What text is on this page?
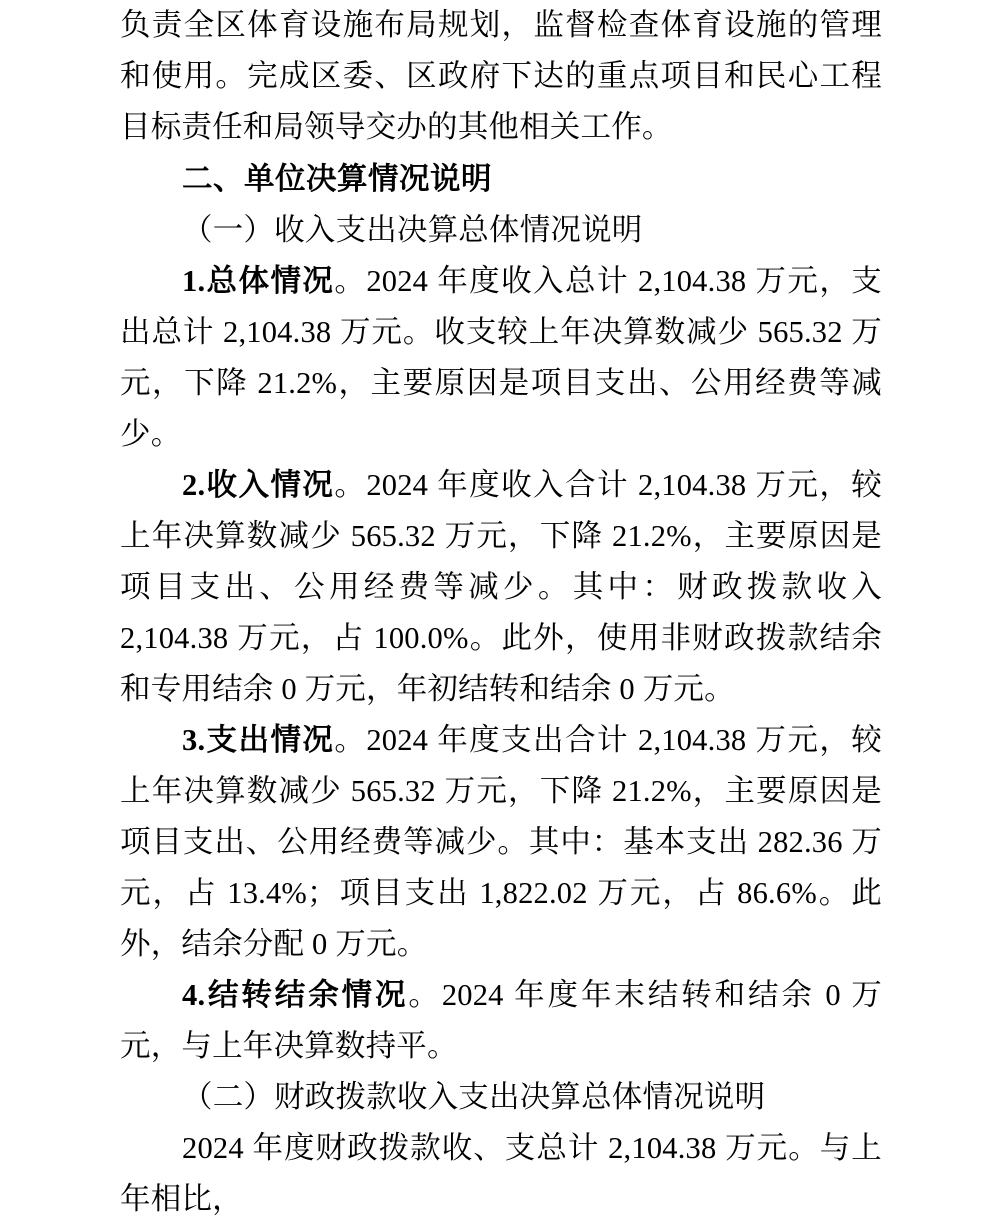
负责全区体育设施布局规划，监督检查体育设施的管理和使用。完成区委、区政府下达的重点项目和民心工程目标责任和局领导交办的其他相关工作。

二、单位决算情况说明

（一）收入支出决算总体情况说明

1.总体情况。2024 年度收入总计 2,104.38 万元，支出总计 2,104.38 万元。收支较上年决算数减少 565.32 万元，下降 21.2%，主要原因是项目支出、公用经费等减少。

2.收入情况。2024 年度收入合计 2,104.38 万元，较上年决算数减少 565.32 万元，下降 21.2%，主要原因是项目支出、公用经费等减少。其中：财政拨款收入 2,104.38 万元，占 100.0%。此外，使用非财政拨款结余和专用结余 0 万元，年初结转和结余 0 万元。

3.支出情况。2024 年度支出合计 2,104.38 万元，较上年决算数减少 565.32 万元，下降 21.2%，主要原因是项目支出、公用经费等减少。其中：基本支出 282.36 万元，占 13.4%；项目支出 1,822.02 万元，占 86.6%。此外，结余分配 0 万元。

4.结转结余情况。2024 年度年末结转和结余 0 万元，与上年决算数持平。

（二）财政拨款收入支出决算总体情况说明

2024 年度财政拨款收、支总计 2,104.38 万元。与上年相比，
